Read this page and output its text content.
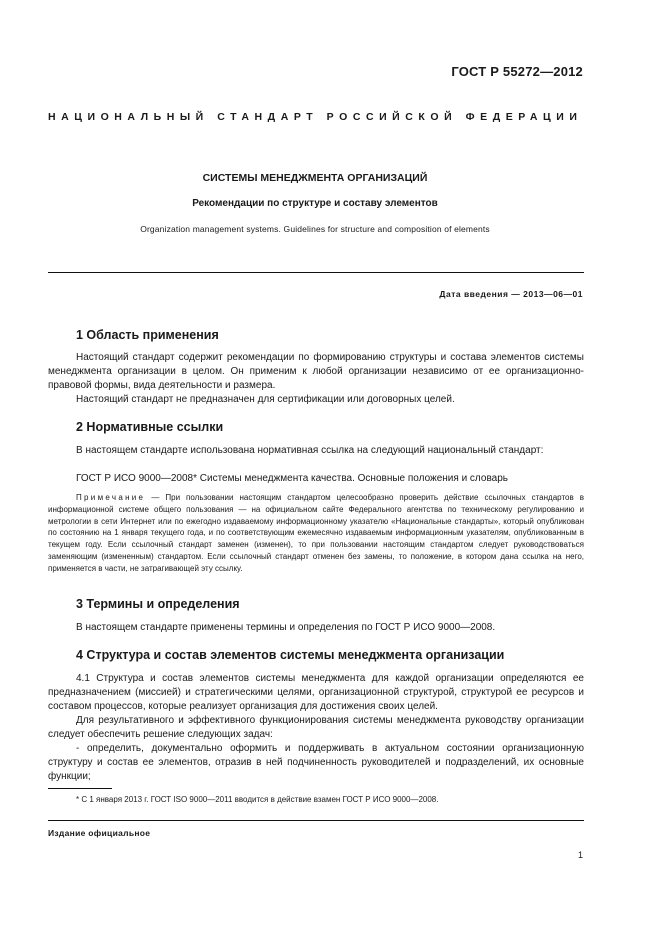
ГОСТ Р 55272—2012
НАЦИОНАЛЬНЫЙ СТАНДАРТ РОССИЙСКОЙ ФЕДЕРАЦИИ
СИСТЕМЫ МЕНЕДЖМЕНТА ОРГАНИЗАЦИЙ
Рекомендации по структуре и составу элементов
Organization management systems. Guidelines for structure and composition of elements
Дата введения — 2013—06—01
1 Область применения
Настоящий стандарт содержит рекомендации по формированию структуры и состава элементов системы менеджмента организации в целом. Он применим к любой организации независимо от ее организационно-правовой формы, вида деятельности и размера.
Настоящий стандарт не предназначен для сертификации или договорных целей.
2 Нормативные ссылки
В настоящем стандарте использована нормативная ссылка на следующий национальный стандарт:
ГОСТ Р ИСО 9000—2008* Системы менеджмента качества. Основные положения и словарь
Примечание — При пользовании настоящим стандартом целесообразно проверить действие ссылочных стандартов в информационной системе общего пользования — на официальном сайте Федерального агентства по техническому регулированию и метрологии в сети Интернет или по ежегодно издаваемому информационному указателю «Национальные стандарты», который опубликован по состоянию на 1 января текущего года, и по соответствующим ежемесячно издаваемым информационным указателям, опубликованным в текущем году. Если ссылочный стандарт заменен (изменен), то при пользовании настоящим стандартом следует руководствоваться заменяющим (измененным) стандартом. Если ссылочный стандарт отменен без замены, то положение, в котором дана ссылка на него, применяется в части, не затрагивающей эту ссылку.
3 Термины и определения
В настоящем стандарте применены термины и определения по ГОСТ Р ИСО 9000—2008.
4 Структура и состав элементов системы менеджмента организации
4.1 Структура и состав элементов системы менеджмента для каждой организации определяются ее предназначением (миссией) и стратегическими целями, организационной структурой, структурой ее ресурсов и составом процессов, которые реализует организация для достижения своих целей.
Для результативного и эффективного функционирования системы менеджмента руководству организации следует обеспечить решение следующих задач:
- определить, документально оформить и поддерживать в актуальном состоянии организационную структуру и состав ее элементов, отразив в ней подчиненность руководителей и подразделений, их основные функции;
* С 1 января 2013 г. ГОСТ ISO 9000—2011 вводится в действие взамен ГОСТ Р ИСО 9000—2008.
Издание официальное
1
